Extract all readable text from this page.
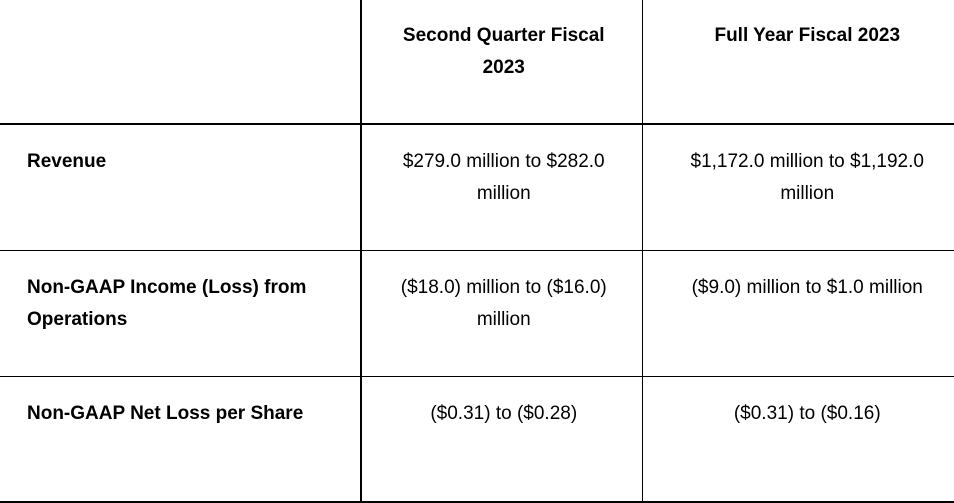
	Second Quarter Fiscal 2023	Full Year Fiscal 2023
Revenue	$279.0 million to $282.0 million	$1,172.0 million to $1,192.0 million
Non-GAAP Income (Loss) from Operations	($18.0) million to ($16.0) million	($9.0) million to $1.0 million
Non-GAAP Net Loss per Share	($0.31) to ($0.28)	($0.31) to ($0.16)
